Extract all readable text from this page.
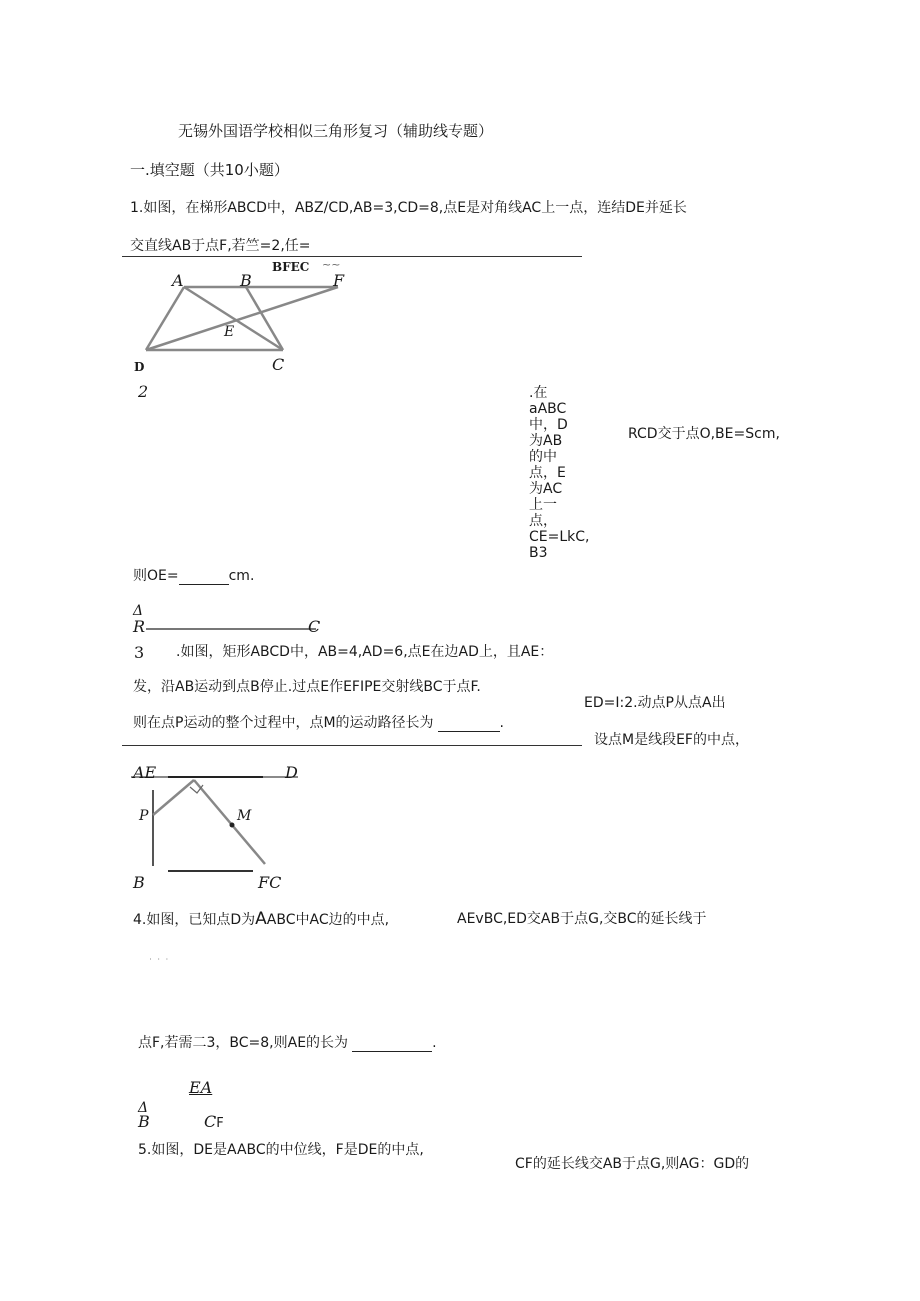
无锡外国语学校相似三角形复习（辅助线专题）
一.填空题（共10小题）
1.如图，在梯形ABCD中，ABZ/CD,AB=3,CD=8,点E是对角线AC上一点，连结DE并延长
交直线AB于点F,若竺=2,任=
BFEC ~~
A	B	F
E
D	C
2	.在
aABC
中，D
为AB
的中
点，E
为AC
上一
点，
CE=LkC,
B3
RCD交于点O,BE=Scm,
则OE=	cm.
Δ
R	C
3 .如图，矩形ABCD中，AB=4,AD=6,点E在边AD上，且AE：
发，沿AB运动到点B停止.过点E作EFIPE交射线BC于点F.
ED=I:2.动点P从点A出
则在点P运动的整个过程中，点M的运动路径长为	.
设点M是线段EF的中点，
AE	D
P	M
B	FC
4.如图，已知点D为AABC中AC边的中点,	AEvBC,ED交AB于点G,交BC的延长线于
˙ ˙ ˙
点F,若需二3，BC=8,则AE的长为	.
EA
Δ
B	CF
5.如图，DE是AABC的中位线，F是DE的中点,
CF的延长线交AB于点G,则AG：GD的
